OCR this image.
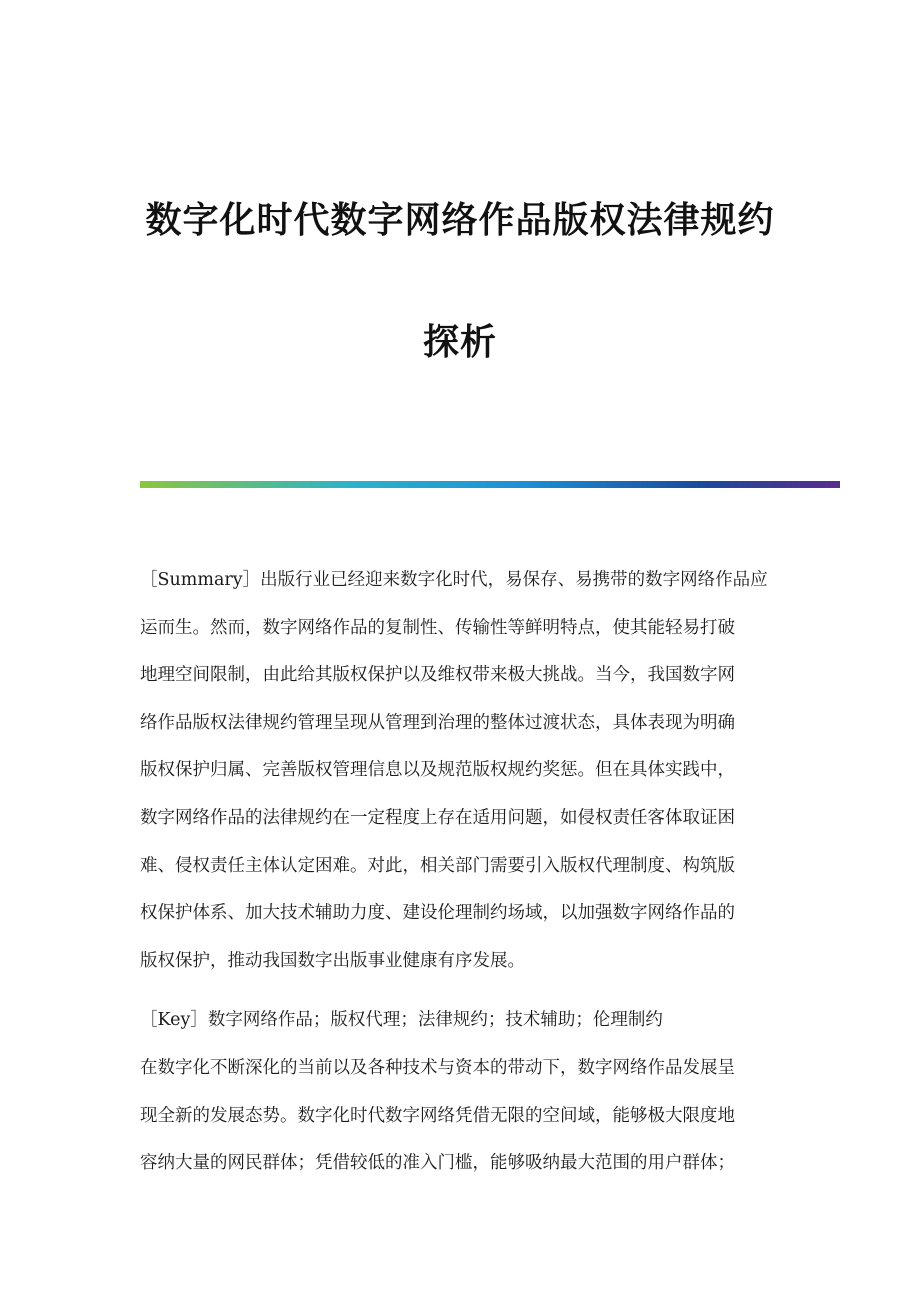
数字化时代数字网络作品版权法律规约
探析
［Summary］出版行业已经迎来数字化时代，易保存、易携带的数字网络作品应
运而生。然而，数字网络作品的复制性、传输性等鲜明特点，使其能轻易打破
地理空间限制，由此给其版权保护以及维权带来极大挑战。当今，我国数字网
络作品版权法律规约管理呈现从管理到治理的整体过渡状态，具体表现为明确
版权保护归属、完善版权管理信息以及规范版权规约奖惩。但在具体实践中，
数字网络作品的法律规约在一定程度上存在适用问题，如侵权责任客体取证困
难、侵权责任主体认定困难。对此，相关部门需要引入版权代理制度、构筑版
权保护体系、加大技术辅助力度、建设伦理制约场域，以加强数字网络作品的
版权保护，推动我国数字出版事业健康有序发展。
［Key］数字网络作品；版权代理；法律规约；技术辅助；伦理制约
在数字化不断深化的当前以及各种技术与资本的带动下，数字网络作品发展呈
现全新的发展态势。数字化时代数字网络凭借无限的空间域，能够极大限度地
容纳大量的网民群体；凭借较低的准入门槛，能够吸纳最大范围的用户群体；
